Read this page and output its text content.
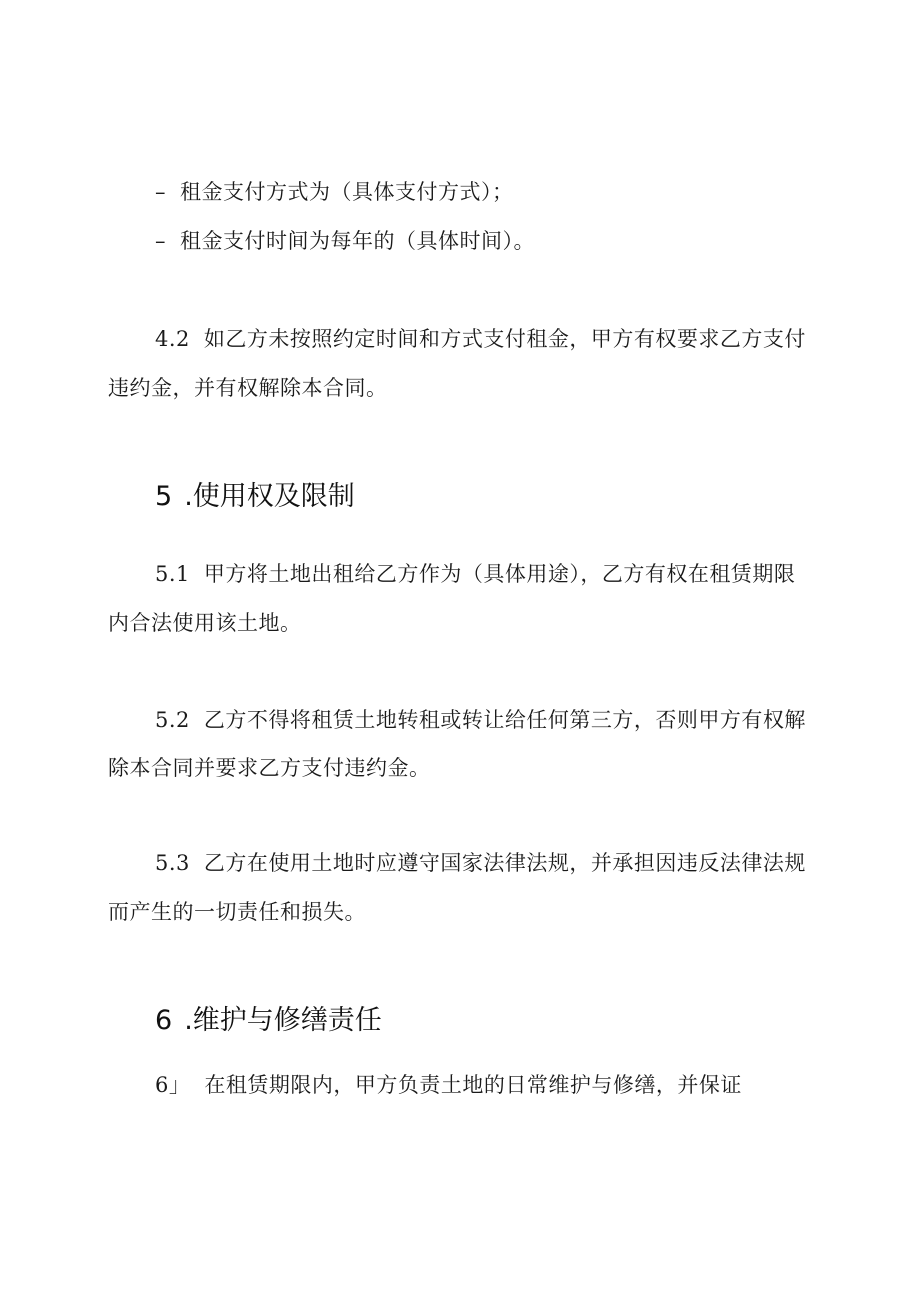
– 租金支付方式为（具体支付方式）；
– 租金支付时间为每年的（具体时间）。
4.2 如乙方未按照约定时间和方式支付租金，甲方有权要求乙方支付
违约金，并有权解除本合同。
5 .使用权及限制
5.1 甲方将土地出租给乙方作为（具体用途），乙方有权在租赁期限
内合法使用该土地。
5.2 乙方不得将租赁土地转租或转让给任何第三方，否则甲方有权解
除本合同并要求乙方支付违约金。
5.3 乙方在使用土地时应遵守国家法律法规，并承担因违反法律法规
而产生的一切责任和损失。
6 .维护与修缮责任
6」 在租赁期限内，甲方负责土地的日常维护与修缮，并保证
